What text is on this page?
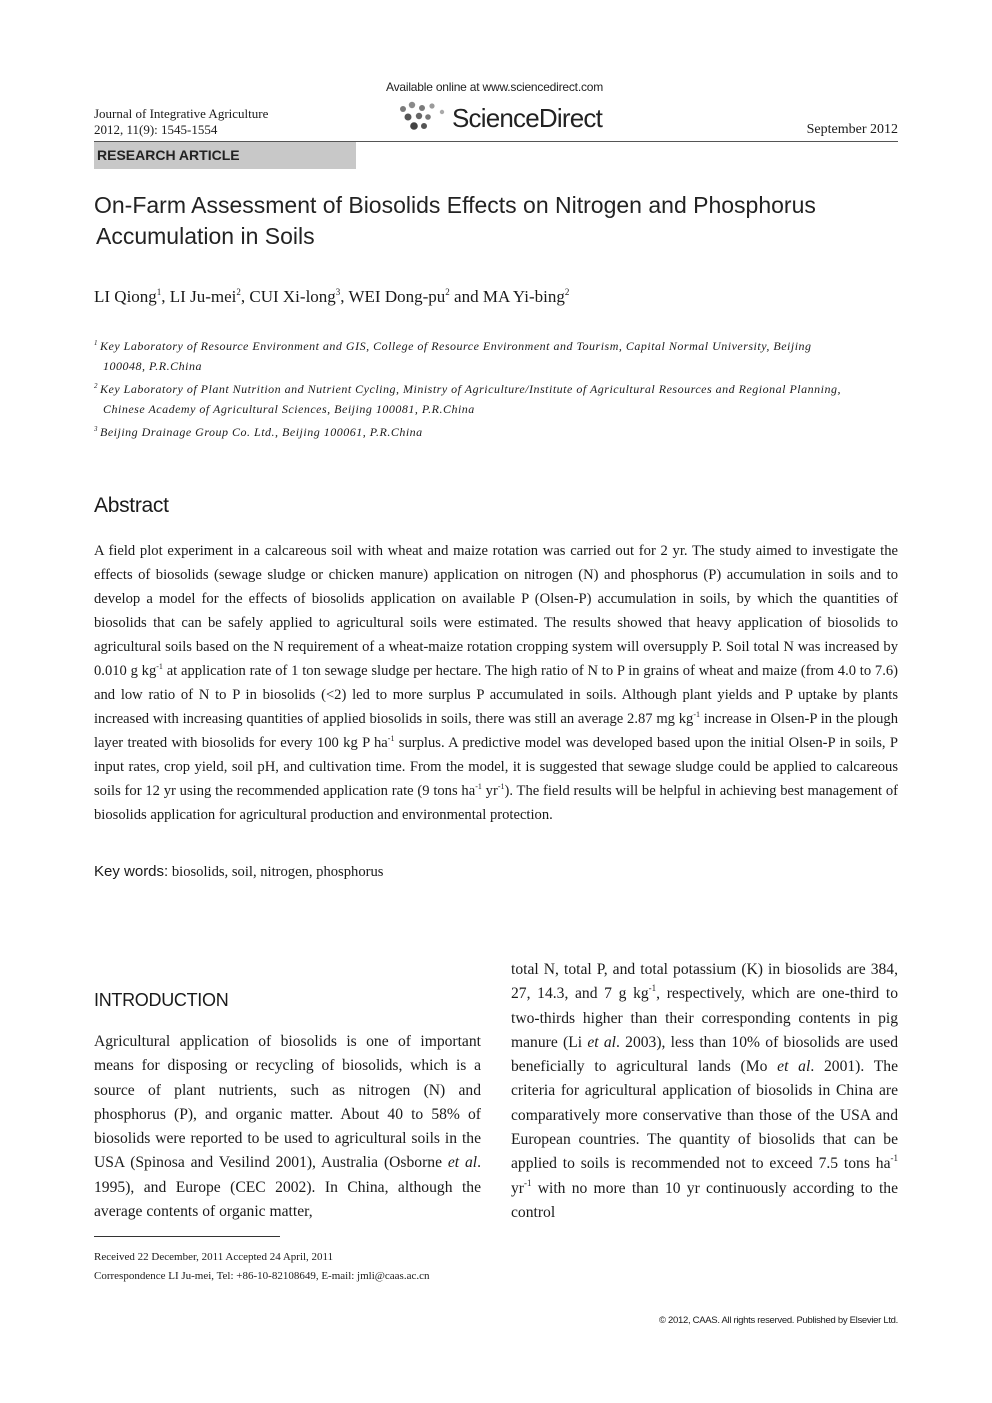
Journal of Integrative Agriculture
2012, 11(9): 1545-1554
Available online at www.sciencedirect.com
ScienceDirect	September 2012
RESEARCH ARTICLE
On-Farm Assessment of Biosolids Effects on Nitrogen and Phosphorus
Accumulation in Soils
LI Qiong$^1$, LI Ju-mei$^2$, CUI Xi-long$^3$, WEI Dong-$pu^2$ and MA Yi-bing$^2$
$^1$ Key Laboratory of Resource Environment and GIS, College of Resource Environment and Tourism, Capital Normal University, Beijing
100048, P.R.China
$^2$ Key Laboratory of Plant Nutrition and Nutrient Cycling, Ministry of Agriculture/Institute of Agricultural Resources and Regional Planning,
Chinese Academy of Agricultural Sciences, Beijing 100081, P.R.China
$^3$ Beijing Drainage Group Co. Ltd., Beijing 100061, P.R.China
Abstract

A field plot experiment in a calcareous soil with wheat and maize rotation was carried out for 2 yr. The study aimed to investigate the effects of biosolids (sewage sludge or chicken manure) application on nitrogen (N) and phosphorus (P) accumulation in soils and to develop a model for the effects of biosolids application on available P (Olsen-P) accumulation in soils, by which the quantities of biosolids that can be safely applied to agricultural soils were estimated. The results showed that heavy application of biosolids to agricultural soils based on the N requirement of a wheat-maize rotation cropping system will oversupply P. Soil total N was increased by 0.010 g $kg^{-1}$ at application rate of 1 ton sewage sludge per hectare. The high ratio of N to P in grains of wheat and maize (from 4.0 to 7.6) and low ratio of N to P in biosolids (<2) led to more surplus P accumulated in soils. Although plant yields and P uptake by plants increased with increasing quantities of applied biosolids in soils, there was still an average 2.87 mg $kg^{-1}$ increase in Olsen-P in the plough layer treated with biosolids for every 100 kg P $ha^{-1}$ surplus. A predictive model was developed based upon the initial Olsen-P in soils, P input rates, crop yield, soil pH, and cultivation time. From the model, it is suggested that sewage sludge could be applied to calcareous soils for 12 yr using the recommended application rate (9 tons $ha^{-1}$ $yr^{-1}$). The field results will be helpful in achieving best management of biosolids application for agricultural production and environmental protection.

Key words: biosolids, soil, nitrogen, phosphorus
INTRODUCTION

Agricultural application of biosolids is one of important means for disposing or recycling of biosolids, which is a source of plant nutrients, such as nitrogen (N) and phosphorus (P), and organic matter. About 40 to 58% of biosolids were reported to be used to agricultural soils in the USA (Spinosa and Vesilind 2001), Australia (Osborne et al. 1995), and Europe (CEC 2002). In China, although the average contents of organic matter,

total N, total P, and total potassium (K) in biosolids are 384, 27, 14.3, and 7 g $kg^{-1}$, respectively, which are one-third to two-thirds higher than their corresponding contents in pig manure (Li et al. 2003), less than 10% of biosolids are used beneficially to agricultural lands (Mo et al. 2001). The criteria for agricultural application of biosolids in China are comparatively more conservative than those of the USA and European countries. The quantity of biosolids that can be applied to soils is recommended not to exceed 7.5 tons $ha^{-1}$ $yr^{-1}$ with no more than 10 yr continuously according to the control

Received 22 December, 2011 Accepted 24 April, 2011
Correspondence LI Ju-mei, Tel: +86-10-82108649, E-mail: jmli@caas.ac.cn
© 2012, CAAS. All rights reserved. Published by Elsevier Ltd.
